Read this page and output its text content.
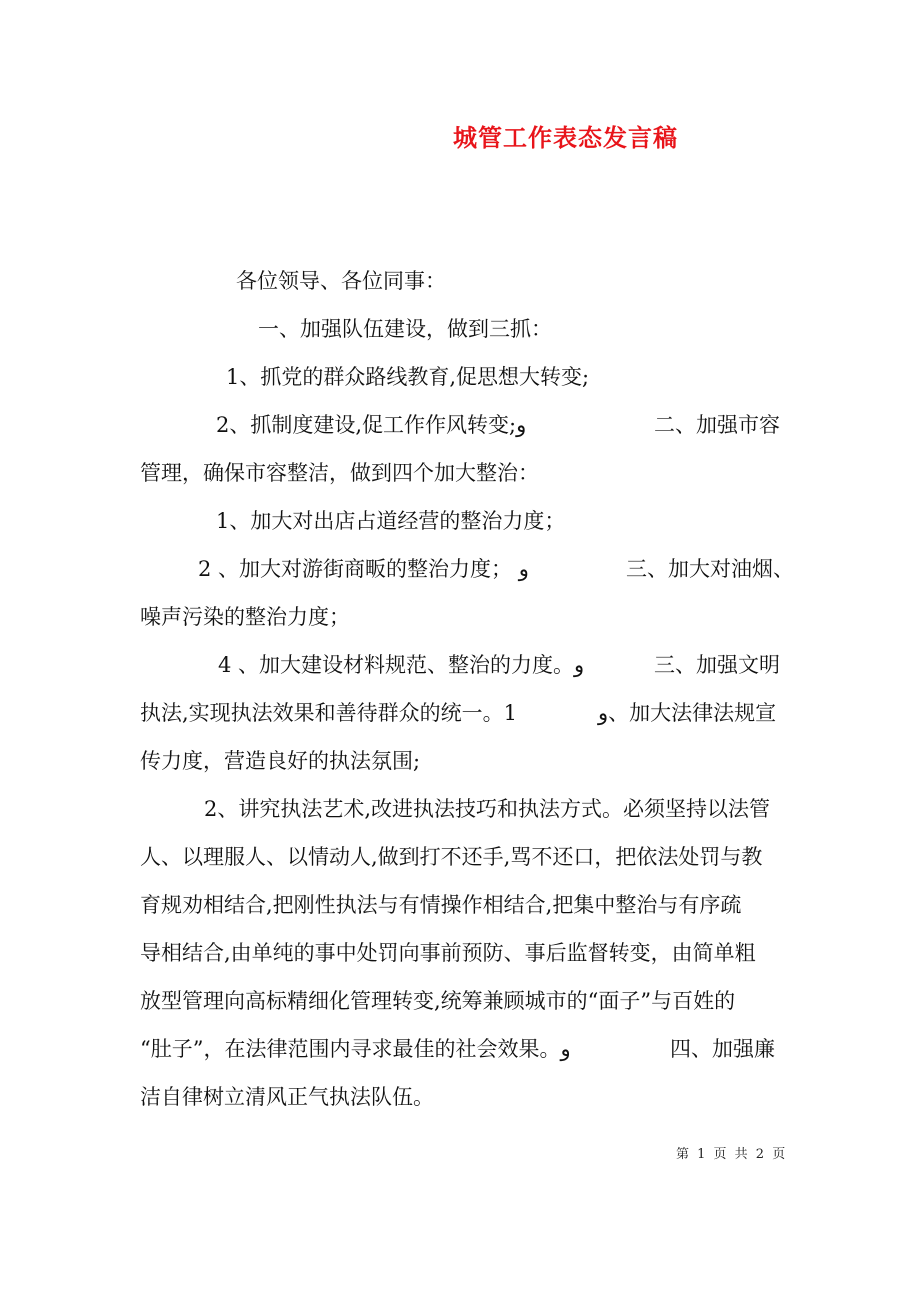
城管工作表态发言稿
各位领导、各位同事：
一、加强队伍建设，做到三抓：
1、抓党的群众路线教育,促思想大转变;
2、抓制度建设,促工作作风转变;و	二、加强市容
管理，确保市容整洁，做到四个加大整治：
1、加大对出店占道经营的整治力度；
2 、加大对游街商畈的整治力度； و	三、加大对油烟、
噪声污染的整治力度；
4 、加大建设材料规范、整治的力度。و	三、加强文明
执法,实现执法效果和善待群众的统一。1	و、加大法律法规宣
传力度，营造良好的执法氛围;
2、讲究执法艺术,改进执法技巧和执法方式。必须坚持以法管
人、以理服人、以情动人,做到打不还手,骂不还口，把依法处罚与教
育规劝相结合,把刚性执法与有情操作相结合,把集中整治与有序疏
导相结合,由单纯的事中处罚向事前预防、事后监督转变，由简单粗
放型管理向高标精细化管理转变,统筹兼顾城市的“面子”与百姓的
“肚子”，在法律范围内寻求最佳的社会效果。و	四、加强廉
洁自律树立清风正气执法队伍。
第 1 页 共 2 页
